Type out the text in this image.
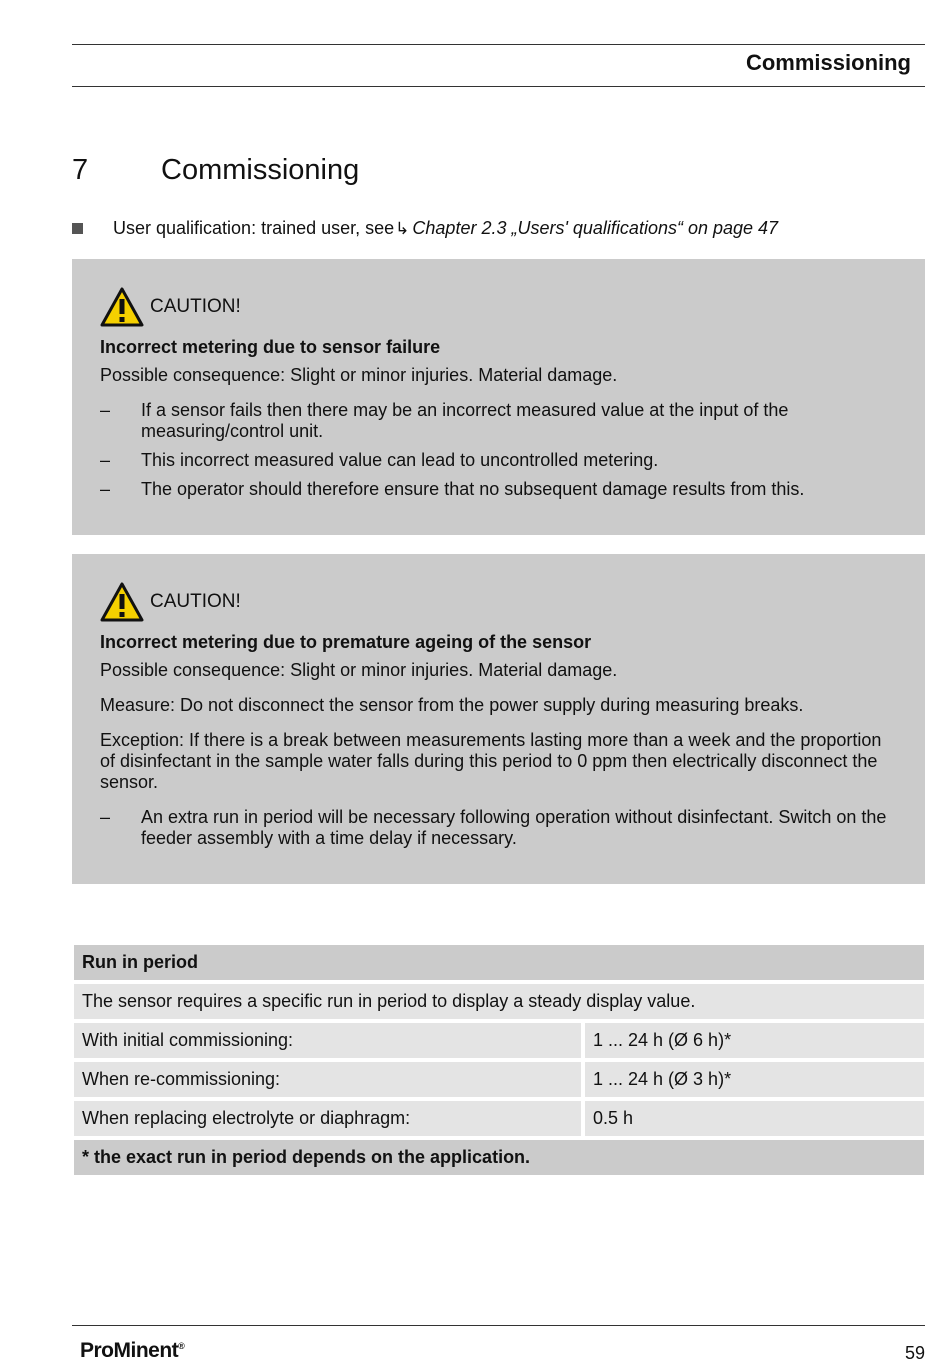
Commissioning
7	Commissioning
User qualification: trained user, see ↳ Chapter 2.3 „Users' qualifications“ on page 47
CAUTION!
Incorrect metering due to sensor failure
Possible consequence: Slight or minor injuries. Material damage.
– If a sensor fails then there may be an incorrect measured value at the input of the measuring/control unit.
– This incorrect measured value can lead to uncontrolled metering.
– The operator should therefore ensure that no subsequent damage results from this.
CAUTION!
Incorrect metering due to premature ageing of the sensor
Possible consequence: Slight or minor injuries. Material damage.
Measure: Do not disconnect the sensor from the power supply during measuring breaks.
Exception: If there is a break between measurements lasting more than a week and the proportion of disinfectant in the sample water falls during this period to 0 ppm then electrically disconnect the sensor.
– An extra run in period will be necessary following operation without disinfectant. Switch on the feeder assembly with a time delay if necessary.
Run in period
The sensor requires a specific run in period to display a steady display value.
With initial commissioning:	1 ... 24 h (Ø 6 h)*
When re-commissioning:	1 ... 24 h (Ø 3 h)*
When replacing electrolyte or diaphragm:	0.5 h
* the exact run in period depends on the application.
ProMinent®	59
